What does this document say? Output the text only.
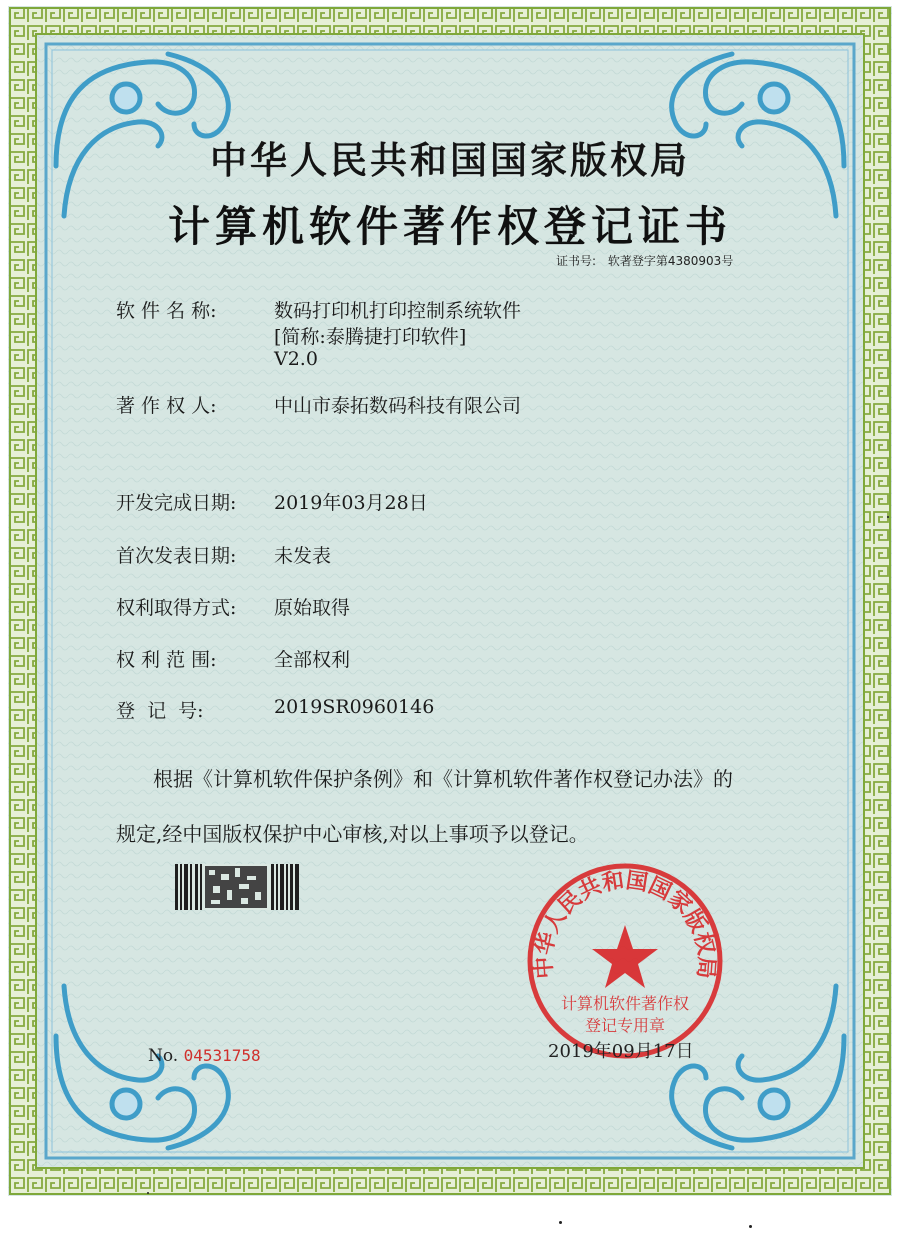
中华人民共和国国家版权局
计算机软件著作权登记证书
证书号: 软著登字第4380903号
软 件 名 称:	数码打印机打印控制系统软件
[简称:泰腾捷打印软件]
V2.0
著 作 权 人:	中山市泰拓数码科技有限公司
开发完成日期: 2019年03月28日
首次发表日期: 未发表
权利取得方式: 原始取得
权 利 范 围:	全部权利
登  记  号:	2019SR0960146
根据《计算机软件保护条例》和《计算机软件著作权登记办法》的
规定,经中国版权保护中心审核,对以上事项予以登记。
中华人民共和国国家版权局
计算机软件著作权
登记专用章
No. 04531758	2019年09月17日
